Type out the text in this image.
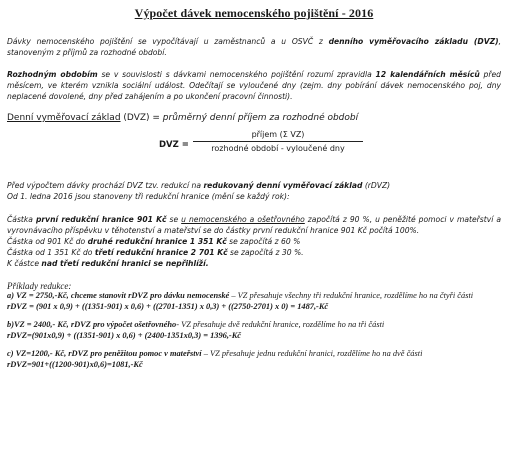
Výpočet dávek nemocenského pojištění - 2016

Dávky nemocenského pojištění se vypočítávají u zaměstnanců a u OSVČ z denního vyměřovacího základu (DVZ), stanoveným z příjmů za rozhodné období.

Rozhodným obdobím se v souvislosti s dávkami nemocenského pojištění rozumí zpravidla 12 kalendářních měsíců před měsícem, ve kterém vznikla sociální událost. Odečítají se vyloučené dny (zejm. dny pobírání dávek nemocenského poj, dny neplacené dovolené, dny před zahájením a po ukončení pracovní činnosti).

Denní vyměřovací základ (DVZ) = průměrný denní příjem za rozhodné období

DVZ =
příjem (Σ VZ)
rozhodné období - vyloučené dny

Před výpočtem dávky prochází DVZ tzv. redukcí na redukovaný denní vyměřovací základ (rDVZ)
Od 1. ledna 2016 jsou stanoveny tři redukční hranice (mění se každý rok):

Částka první redukční hranice 901 Kč se u nemocenského a ošetřovného započítá z 90 %, u peněžité pomoci v mateřství a vyrovnávacího příspěvku v těhotenství a mateřství se do částky první redukční hranice 901 Kč počítá 100%.

Částka od 901 Kč do druhé redukční hranice 1 351 Kč se započítá z 60 %

Částka od 1 351 Kč do třetí redukční hranice 2 701 Kč se započítá z 30 %.

K částce nad třetí redukční hranici se nepřihlíží.

Příklady redukce:

a) VZ = 2750,-Kč, chceme stanovit rDVZ pro dávku nemocenské – VZ přesahuje všechny tři redukční hranice, rozdělíme ho na čtyři části

rDVZ = (901 x 0,9) + ((1351-901) x 0,6) + ((2701-1351) x 0,3) + ((2750-2701) x 0) = 1487,-Kč

b)VZ = 2400,- Kč, rDVZ pro výpočet ošetřovného- VZ přesahuje dvě redukční hranice, rozdělíme ho na tři části

rDVZ=(901x0,9) + ((1351-901) x 0,6) + (2400-1351x0,3) = 1396,-Kč

c) VZ=1200,- Kč, rDVZ pro peněžitou pomoc v mateřství – VZ přesahuje jednu redukční hranici, rozdělíme ho na dvě části

rDVZ=901+((1200-901)x0,6)=1081,-Kč
